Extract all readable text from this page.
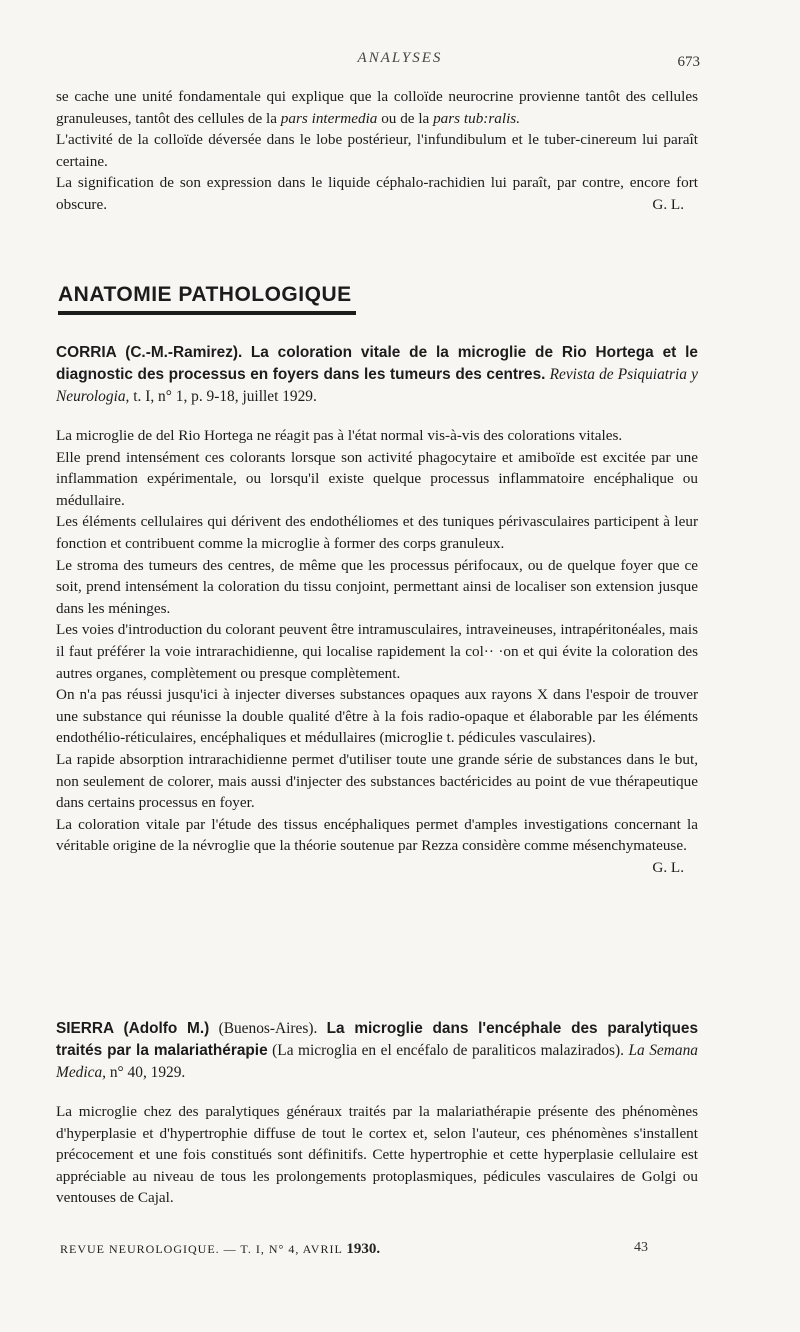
ANALYSES	673

se cache une unité fondamentale qui explique que la colloïde neurocrine provienne tantôt des cellules granuleuses, tantôt des cellules de la pars intermedia ou de la pars tub:ralis.

L'activité de la colloïde déversée dans le lobe postérieur, l'infundibulum et le tuber-cinereum lui paraît certaine.

La signification de son expression dans le liquide céphalo-rachidien lui paraît, par contre, encore fort obscure.	G. L.

ANATOMIE PATHOLOGIQUE
CORRIA (C.-M.-Ramirez). La coloration vitale de la microglie de Rio Hortega et le diagnostic des processus en foyers dans les tumeurs des centres. Revista de Psiquiatria y Neurologia, t. I, n° 1, p. 9-18, juillet 1929.

La microglie de del Rio Hortega ne réagit pas à l'état normal vis-à-vis des colorations vitales.

Elle prend intensément ces colorants lorsque son activité phagocytaire et amiboïde est excitée par une inflammation expérimentale, ou lorsqu'il existe quelque processus inflammatoire encéphalique ou médullaire.

Les éléments cellulaires qui dérivent des endothéliomes et des tuniques périvasculaires participent à leur fonction et contribuent comme la microglie à former des corps granuleux.

Le stroma des tumeurs des centres, de même que les processus périfocaux, ou de quelque foyer que ce soit, prend intensément la coloration du tissu conjoint, permettant ainsi de localiser son extension jusque dans les méninges.

Les voies d'introduction du colorant peuvent être intramusculaires, intraveineuses, intrapéritonéales, mais il faut préférer la voie intrarachidienne, qui localise rapidement la col·· ·on et qui évite la coloration des autres organes, complètement ou presque complètement.

On n'a pas réussi jusqu'ici à injecter diverses substances opaques aux rayons X dans l'espoir de trouver une substance qui réunisse la double qualité d'être à la fois radio-opaque et élaborable par les éléments endothélio-réticulaires, encéphaliques et médullaires (microglie t. pédicules vasculaires).

La rapide absorption intrarachidienne permet d'utiliser toute une grande série de substances dans le but, non seulement de colorer, mais aussi d'injecter des substances bactéricides au point de vue thérapeutique dans certains processus en foyer.

La coloration vitale par l'étude des tissus encéphaliques permet d'amples investigations concernant la véritable origine de la névroglie que la théorie soutenue par Rezza considère comme mésenchymateuse.
G. L.

SIERRA (Adolfo M.) (Buenos-Aires). La microglie dans l'encéphale des paralytiques traités par la malariathérapie (La microglia en el encéfalo de paraliticos malazirados). La Semana Medica, n° 40, 1929.

La microglie chez des paralytiques généraux traités par la malariathérapie présente des phénomènes d'hyperplasie et d'hypertrophie diffuse de tout le cortex et, selon l'auteur, ces phénomènes s'installent précocement et une fois constitués sont définitifs. Cette hypertrophie et cette hyperplasie cellulaire est appréciable au niveau de tous les prolongements protoplasmiques, pédicules vasculaires de Golgi ou ventouses de Cajal.

REVUE NEUROLOGIQUE. — T. I, N° 4, AVRIL 1930.	43
